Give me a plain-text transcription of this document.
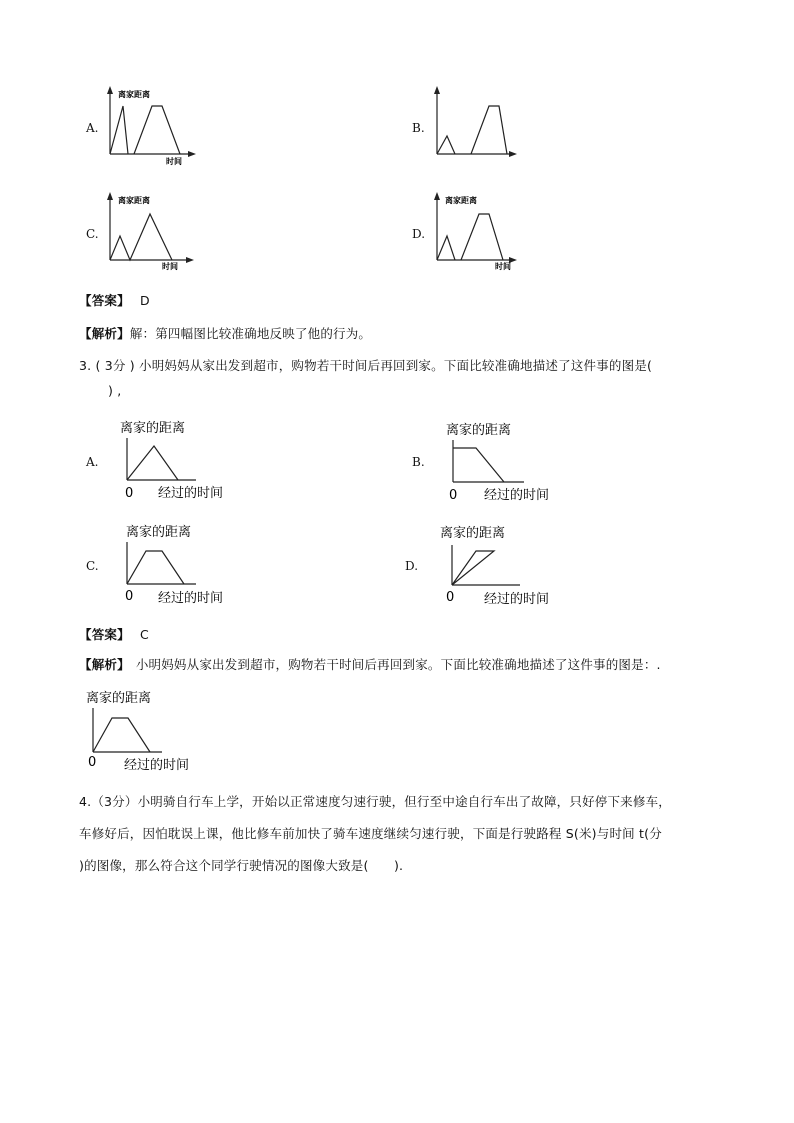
A.
离家距离
时间
B.
C.
离家距离
时间
D.
离家距离
时间
【答案】 D
【解析】解：第四幅图比较准确地反映了他的行为。
3. ( 3分 ) 小明妈妈从家出发到超市，购物若干时间后再回到家。下面比较准确地描述了这件事的图是(
) ,
A.
离家的距离
0 经过的时间
B.
离家的距离
0 经过的时间
C.
离家的距离
0 经过的时间
D.
离家的距离
0 经过的时间
【答案】 C
【解析】 小明妈妈从家出发到超市，购物若干时间后再回到家。下面比较准确地描述了这件事的图是：.
离家的距离
0 经过的时间
4.（3分）小明骑自行车上学，开始以正常速度匀速行驶，但行至中途自行车出了故障，只好停下来修车，
车修好后，因怕耽误上课，他比修车前加快了骑车速度继续匀速行驶，下面是行驶路程 S(米)与时间 t(分
)的图像，那么符合这个同学行驶情况的图像大致是(　　).
